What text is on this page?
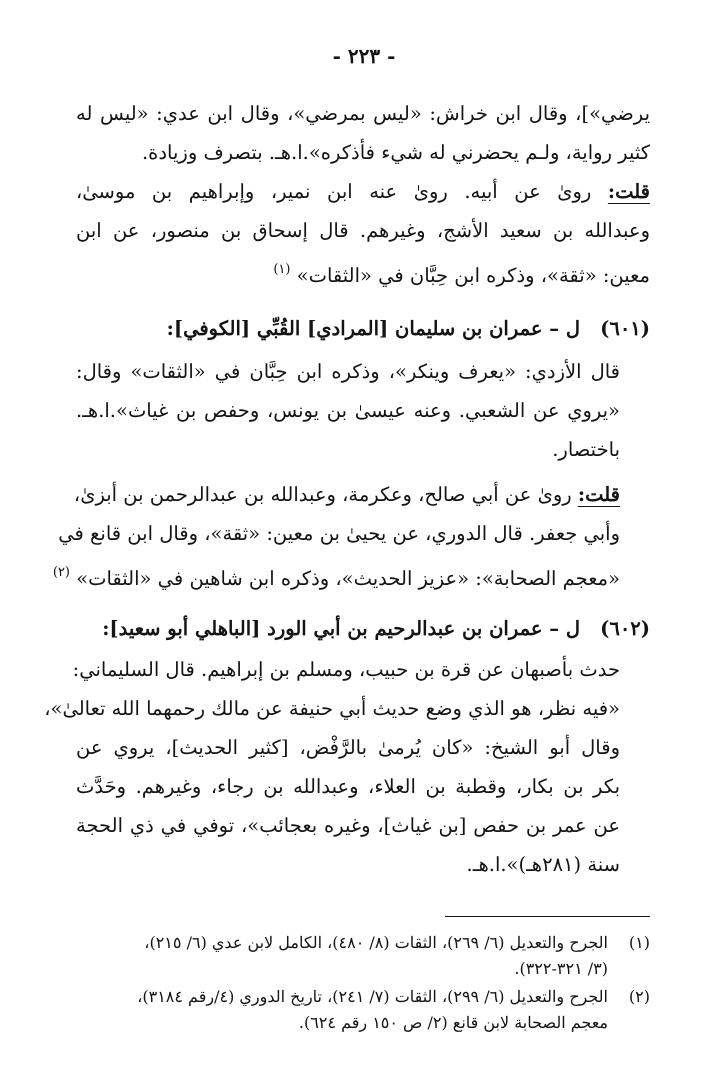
- ٢٢٣ -
يرضي»]، وقال ابن خراش: «ليس بمرضي»، وقال ابن عدي: «ليس له
كثير رواية، ولـم يحضرني له شيء فأذكره».ا.هـ. بتصرف وزيادة.
قلت: روىٰ عن أبيه. روىٰ عنه ابن نمير، وإبراهيم بن موسىٰ،
وعبدالله بن سعيد الأشج، وغيرهم. قال إسحاق بن منصور، عن ابن
معين: «ثقة»، وذكره ابن حِبَّان في «الثقات» $^{(١)}$
(٦٠١)ل – عمران بن سليمان [المرادي] القُبِّي [الكوفي]:
قال الأزدي: «يعرف وينكر»، وذكره ابن حِبَّان في «الثقات» وقال:
«يروي عن الشعبي. وعنه عيسىٰ بن يونس، وحفص بن غياث».ا.هـ.
باختصار.
قلت: روىٰ عن أبي صالح، وعكرمة، وعبدالله بن عبدالرحمن بن أبزىٰ،
وأبي جعفر. قال الدوري، عن يحيىٰ بن معين: «ثقة»، وقال ابن قانع في
«معجم الصحابة»: «عزيز الحديث»، وذكره ابن شاهين في «الثقات» $^{(٢)}$
(٦٠٢)ل – عمران بن عبدالرحيم بن أبي الورد [الباهلي أبو سعيد]:
حدث بأصبهان عن قرة بن حبيب، ومسلم بن إبراهيم. قال السليماني:
«فيه نظر، هو الذي وضع حديث أبي حنيفة عن مالك رحمهما الله تعالىٰ»،
وقال أبو الشيخ: «كان يُرمىٰ بالرَّفْض، [كثير الحديث]، يروي عن
بكر بن بكار، وقطبة بن العلاء، وعبدالله بن رجاء، وغيرهم. وحَدَّث
عن عمر بن حفص [بن غياث]، وغيره بعجائب»، توفي في ذي الحجة
سنة (٢٨١هـ)».ا.هـ.
(١)الجرح والتعديل (٦/ ٢٦٩)، الثقات (٨/ ٤٨٠)، الكامل لابن عدي (٦/ ٢١٥)،
(٣/ ٣٢١-٣٢٢).
(٢)الجرح والتعديل (٦/ ٢٩٩)، الثقات (٧/ ٢٤١)، تاريخ الدوري (٤/رقم ٣١٨٤)،
معجم الصحابة لابن قانع (٢/ ص ١٥٠ رقم ٦٢٤).
